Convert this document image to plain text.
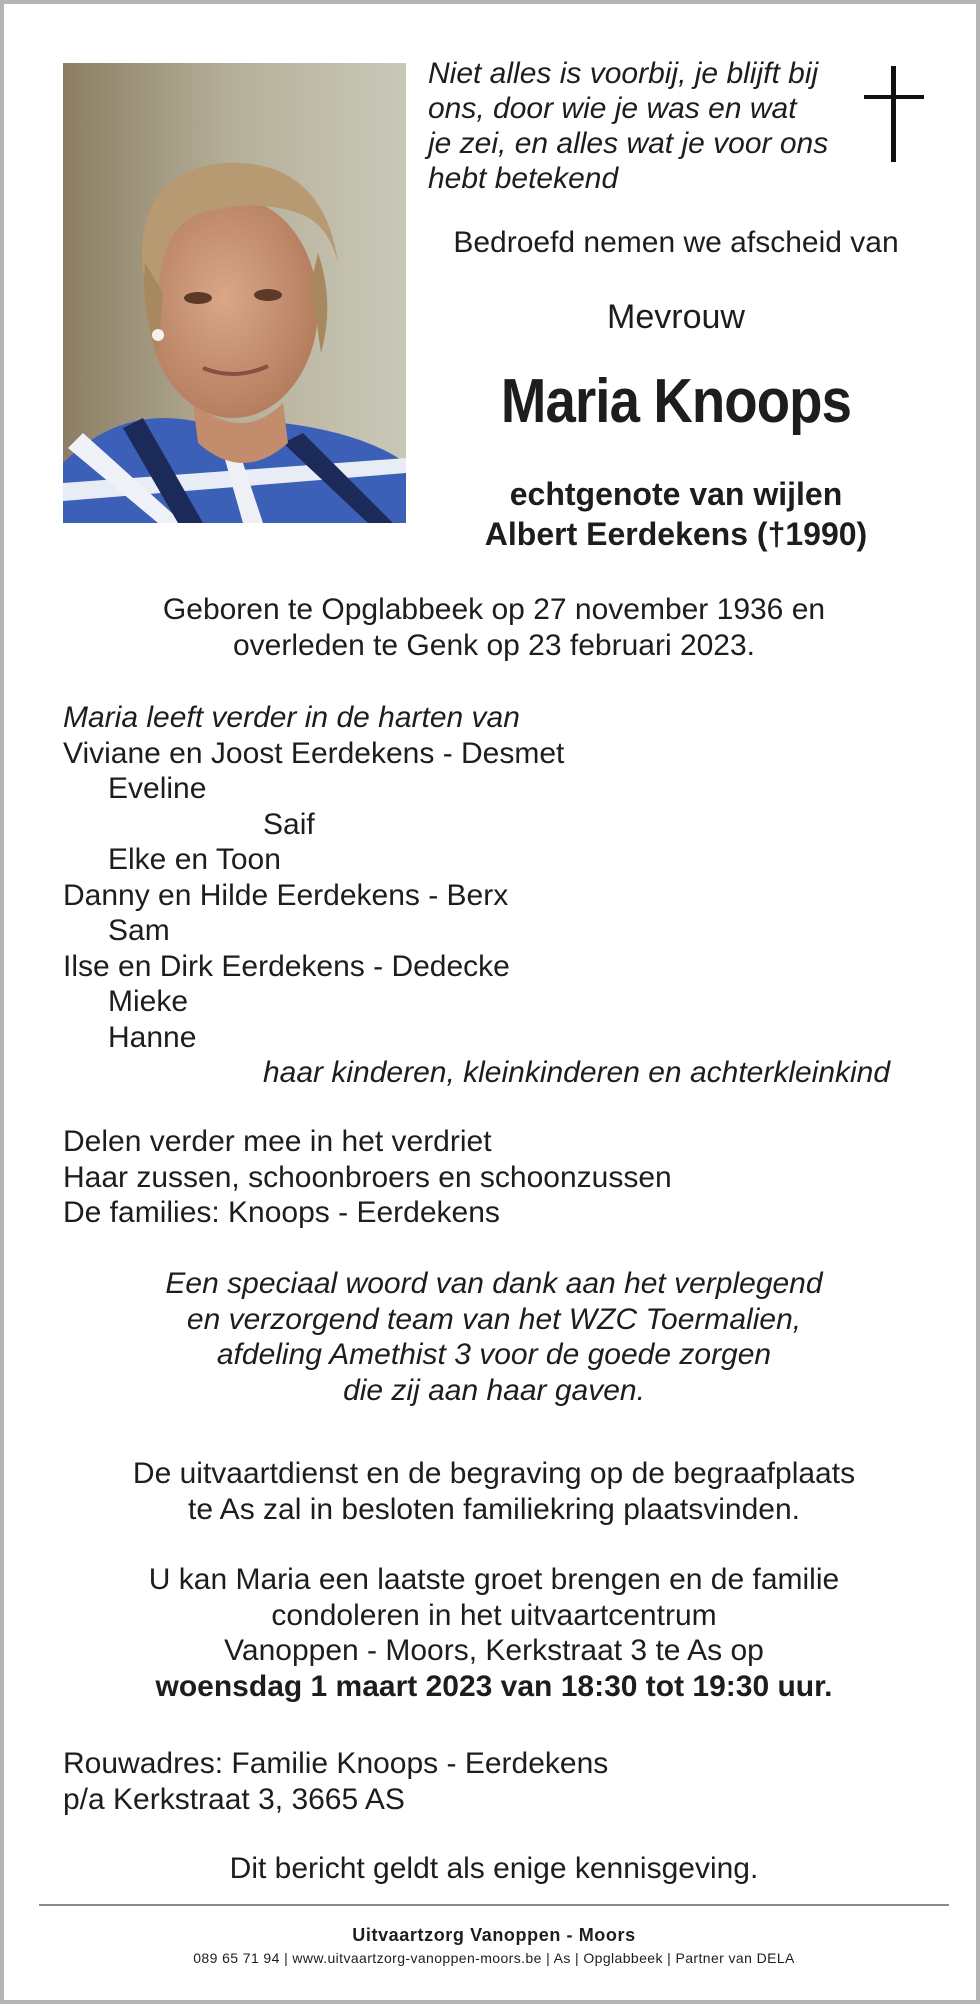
Niet alles is voorbij, je blijft bij
ons, door wie je was en wat
je zei, en alles wat je voor ons
hebt betekend
Bedroefd nemen we afscheid van
Mevrouw
Maria Knoops
echtgenote van wijlen
Albert Eerdekens (†1990)
Geboren te Opglabbeek op 27 november 1936 en
overleden te Genk op 23 februari 2023.
Maria leeft verder in de harten van
Viviane en Joost Eerdekens - Desmet
Eveline
Saif
Elke en Toon
Danny en Hilde Eerdekens - Berx
Sam
Ilse en Dirk Eerdekens - Dedecke
Mieke
Hanne
haar kinderen, kleinkinderen en achterkleinkind
Delen verder mee in het verdriet
Haar zussen, schoonbroers en schoonzussen
De families: Knoops - Eerdekens
Een speciaal woord van dank aan het verplegend
en verzorgend team van het WZC Toermalien,
afdeling Amethist 3 voor de goede zorgen
die zij aan haar gaven.
De uitvaartdienst en de begraving op de begraafplaats
te As zal in besloten familiekring plaatsvinden.
U kan Maria een laatste groet brengen en de familie
condoleren in het uitvaartcentrum
Vanoppen - Moors, Kerkstraat 3 te As op
woensdag 1 maart 2023 van 18:30 tot 19:30 uur.
Rouwadres: Familie Knoops - Eerdekens
p/a Kerkstraat 3, 3665 AS
Dit bericht geldt als enige kennisgeving.
Uitvaartzorg Vanoppen - Moors
089 65 71 94 | www.uitvaartzorg-vanoppen-moors.be | As | Opglabbeek | Partner van DELA
